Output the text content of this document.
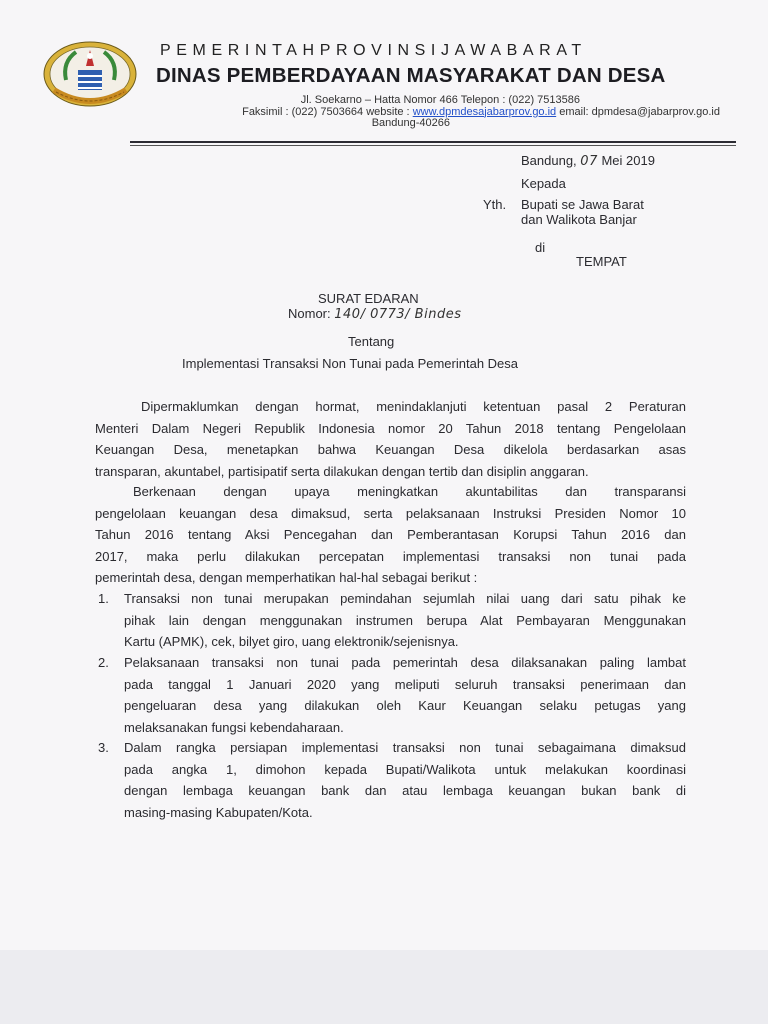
PEMERINTAHPROVINSIJAWABARAT
DINAS PEMBERDAYAAN MASYARAKAT DAN DESA
Jl. Soekarno – Hatta Nomor 466 Telepon : (022) 7513586
Faksimil : (022) 7503664 website : www.dpmdesajabarprov.go.id email: dpmdesa@jabarprov.go.id
Bandung-40266
Bandung, 07 Mei 2019
Kepada
Yth. Bupati se Jawa Barat
dan Walikota Banjar
di
TEMPAT
SURAT EDARAN
Nomor: 140/ 0773/ Bindes
Tentang
Implementasi Transaksi Non Tunai pada Pemerintah Desa
Dipermaklumkan dengan hormat, menindaklanjuti ketentuan pasal 2 Peraturan
Menteri Dalam Negeri Republik Indonesia nomor 20 Tahun 2018 tentang Pengelolaan
Keuangan Desa, menetapkan bahwa Keuangan Desa dikelola berdasarkan asas
transparan, akuntabel, partisipatif serta dilakukan dengan tertib dan disiplin anggaran.
Berkenaan dengan upaya meningkatkan akuntabilitas dan transparansi
pengelolaan keuangan desa dimaksud, serta pelaksanaan Instruksi Presiden Nomor 10
Tahun 2016 tentang Aksi Pencegahan dan Pemberantasan Korupsi Tahun 2016 dan
2017, maka perlu dilakukan percepatan implementasi transaksi non tunai pada
pemerintah desa, dengan memperhatikan hal-hal sebagai berikut :
1. Transaksi non tunai merupakan pemindahan sejumlah nilai uang dari satu pihak ke
pihak lain dengan menggunakan instrumen berupa Alat Pembayaran Menggunakan
Kartu (APMK), cek, bilyet giro, uang elektronik/sejenisnya.
2. Pelaksanaan transaksi non tunai pada pemerintah desa dilaksanakan paling lambat
pada tanggal 1 Januari 2020 yang meliputi seluruh transaksi penerimaan dan
pengeluaran desa yang dilakukan oleh Kaur Keuangan selaku petugas yang
melaksanakan fungsi kebendaharaan.
3. Dalam rangka persiapan implementasi transaksi non tunai sebagaimana dimaksud
pada angka 1, dimohon kepada Bupati/Walikota untuk melakukan koordinasi
dengan lembaga keuangan bank dan atau lembaga keuangan bukan bank di
masing-masing Kabupaten/Kota.
